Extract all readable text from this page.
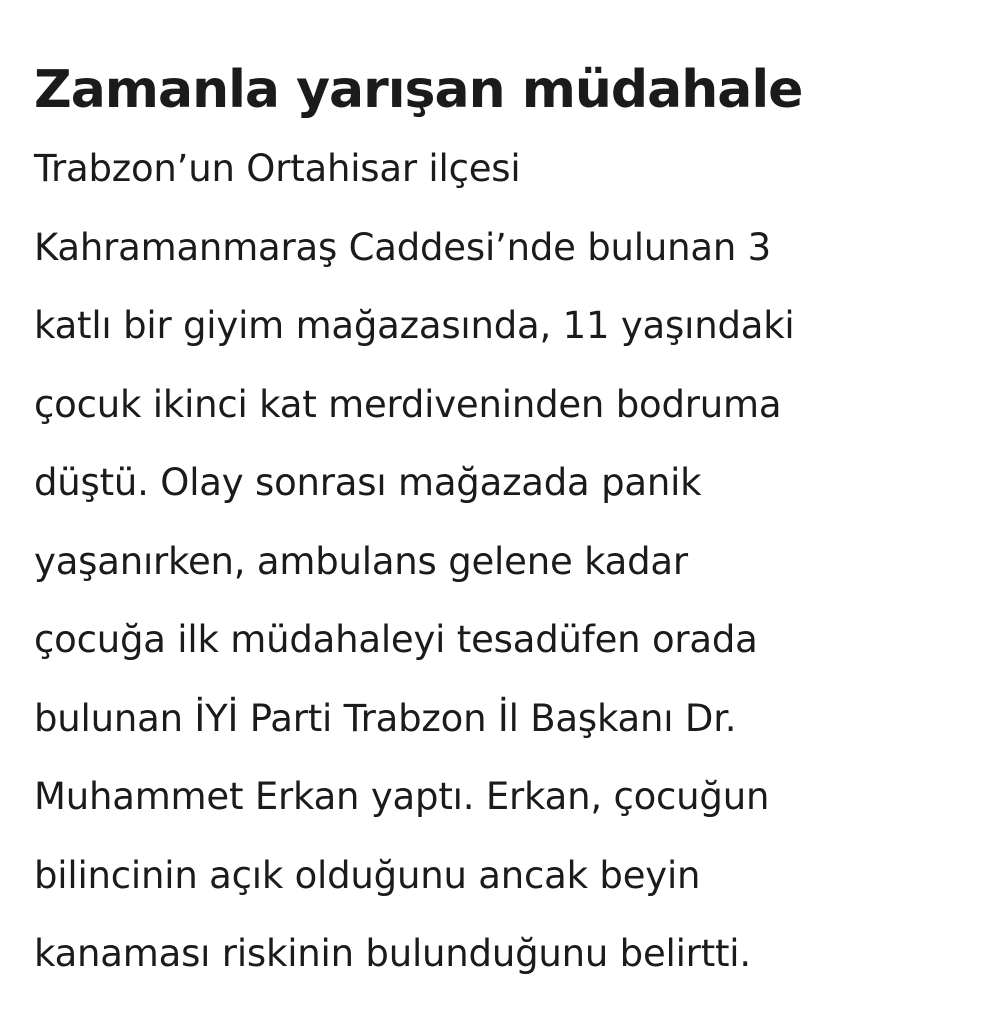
Zamanla yarışan müdahale
Trabzon’un Ortahisar ilçesi
Kahramanmaraş Caddesi’nde bulunan 3
katlı bir giyim mağazasında, 11 yaşındaki
çocuk ikinci kat merdiveninden bodruma
düştü. Olay sonrası mağazada panik
yaşanırken, ambulans gelene kadar
çocuğa ilk müdahaleyi tesadüfen orada
bulunan İYİ Parti Trabzon İl Başkanı Dr.
Muhammet Erkan yaptı. Erkan, çocuğun
bilincinin açık olduğunu ancak beyin
kanaması riskinin bulunduğunu belirtti.
